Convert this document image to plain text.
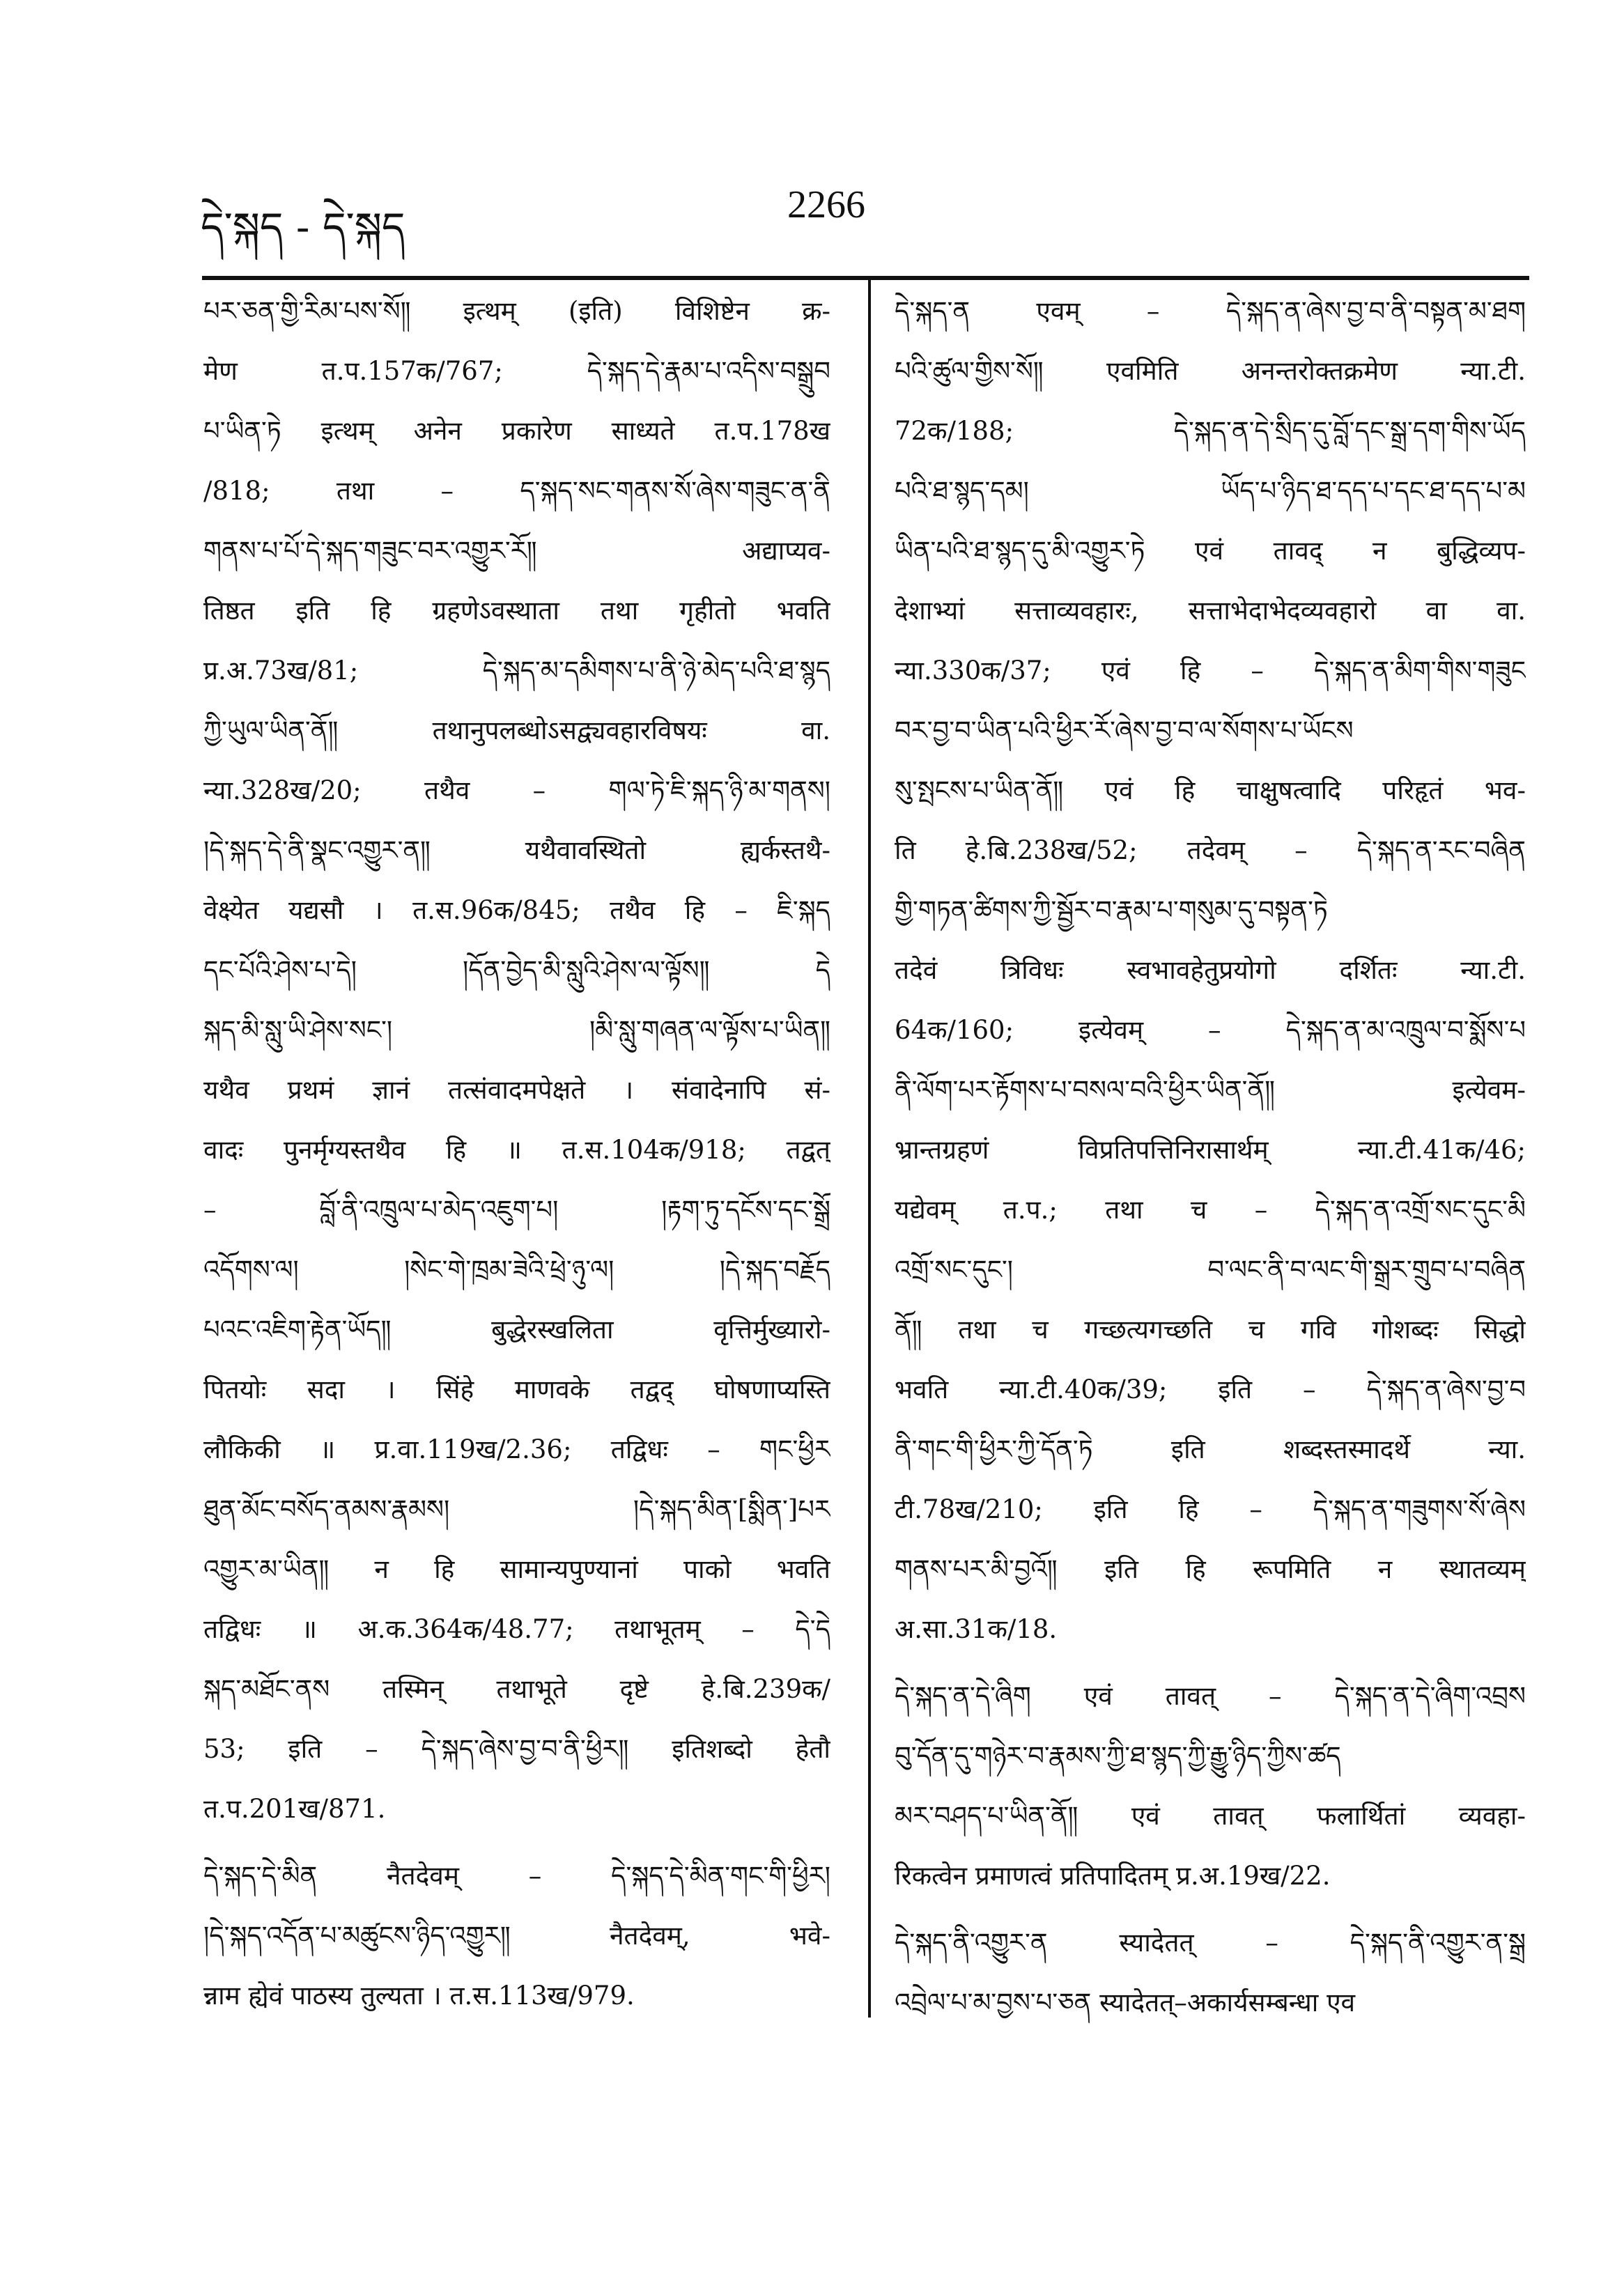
དེ་སྐད - དེ་སྐད	2266
པར་ཅན་གྱི་རིམ་པས་སོ༎ इत्थम् (इति) विशिष्टेन क्र-
मेण त.प.157क/767; དེ་སྐད་དེ་རྣམ་པ་འདིས་བསྒྲུབ
པ་ཡིན་ཏེ इत्थम् अनेन प्रकारेण साध्यते त.प.178ख
/818; तथा – ད་སྐད་སང་གནས་སོ་ཞེས་གཟུང་ན་ནི
གནས་པ་པོ་དེ་སྐད་གཟུང་བར་འགྱུར་རོ༎ अद्याप्यव-
तिष्ठत इति हि ग्रहणेऽवस्थाता तथा गृहीतो भवति
प्र.अ.73ख/81; དེ་སྐད་མ་དམིགས་པ་ནི་ཉེ་མེད་པའི་ཐ་སྙད
ཀྱི་ཡུལ་ཡིན་ནོ༎ तथानुपलब्धोऽसद्व्यवहारविषयः वा.
न्या.328ख/20; तथैव – གལ་ཏེ་ཇི་སྐད་ཉི་མ་གནས།
།དེ་སྐད་དེ་ནི་སྣང་འགྱུར་ན༎ यथैवावस्थितो ह्यर्कस्तथै-
वेक्ष्येत यद्यसौ । त.स.96क/845; तथैव हि – ཇི་སྐད
དང་པོའི་ཤེས་པ་དེ། །དོན་བྱེད་མི་སླུའི་ཤེས་ལ་ལྟོས༎ དེ
སྐད་མི་སླུ་ཡི་ཤེས་སང་། །མི་སླུ་གཞན་ལ་ལྟོས་པ་ཡིན༎
यथैव प्रथमं ज्ञानं तत्संवादमपेक्षते । संवादेनापि सं-
वादः पुनर्मृग्यस्तथैव हि ॥ त.स.104क/918; तद्वत्
– བློ་ནི་འཁྲུལ་པ་མེད་འཇུག་པ། །རྟག་ཏུ་དངོས་དང་སྒྲོ
འདོགས་ལ། །སེང་གེ་ཁྲམ་ཟེའི་ཕྲེ་ཉུ་ལ། །དེ་སྐད་བརྗོད
པའང་འཇིག་རྟེན་ཡོད༎ बुद्धेरस्खलिता वृत्तिर्मुख्यारो-
पितयोः सदा । सिंहे माणवके तद्वद् घोषणाप्यस्ति
लौकिकी ॥ प्र.वा.119ख/2.36; तद्विधः – གང་ཕྱིར
ཐུན་མོང་བསོད་ནམས་རྣམས། །དེ་སྐད་མིན་[སྨིན་]པར
འགྱུར་མ་ཡིན༎ न हि सामान्यपुण्यानां पाको भवति
तद्विधः ॥ अ.क.364क/48.77; तथाभूतम् – དེ་དེ
སྐད་མཐོང་ནས तस्मिन् तथाभूते दृष्टे हे.बि.239क/
53; इति – དེ་སྐད་ཞེས་བྱ་བ་ནི་ཕྱིར༎ इतिशब्दो हेतौ
त.प.201ख/871.
དེ་སྐད་དེ་མིན नैतदेवम् – དེ་སྐད་དེ་མིན་གང་གི་ཕྱིར།
།དེ་སྐད་འདོན་པ་མཚུངས་ཉིད་འགྱུར༎ नैतदेवम्, भवे-
न्नाम ह्येवं पाठस्य तुल्यता । त.स.113ख/979.
དེ་སྐད་ན एवम् – དེ་སྐད་ན་ཞེས་བྱ་བ་ནི་བསྟན་མ་ཐག
པའི་ཚུལ་གྱིས་སོ༎ एवमिति अनन्तरोक्तक्रमेण न्या.टी.
72क/188; དེ་སྐད་ན་དེ་སྲིད་དུ་བློ་དང་སྒྲ་དག་གིས་ཡོད
པའི་ཐ་སྙད་དམ། ཡོད་པ་ཉིད་ཐ་དད་པ་དང་ཐ་དད་པ་མ
ཡིན་པའི་ཐ་སྙད་དུ་མི་འགྱུར་ཏེ एवं तावद् न बुद्धिव्यप-
देशाभ्यां सत्ताव्यवहारः, सत्ताभेदाभेदव्यवहारो वा वा.
न्या.330क/37; एवं हि – དེ་སྐད་ན་མིག་གིས་གཟུང
བར་བྱ་བ་ཡིན་པའི་ཕྱིར་རོ་ཞེས་བྱ་བ་ལ་སོགས་པ་ཡོངས
སུ་སྤངས་པ་ཡིན་ནོ༎ एवं हि चाक्षुषत्वादि परिहृतं भव-
ति हे.बि.238ख/52; तदेवम् – དེ་སྐད་ན་རང་བཞིན
གྱི་གཏན་ཚིགས་ཀྱི་སྦྱོར་བ་རྣམ་པ་གསུམ་དུ་བསྟན་ཏེ
तदेवं त्रिविधः स्वभावहेतुप्रयोगो दर्शितः न्या.टी.
64क/160; इत्येवम् – དེ་སྐད་ན་མ་འཁྲུལ་བ་སྨོས་པ
ནི་ལོག་པར་རྟོགས་པ་བསལ་བའི་ཕྱིར་ཡིན་ནོ༎ इत्येवम-
भ्रान्तग्रहणं विप्रतिपत्तिनिरासार्थम् न्या.टी.41क/46;
यद्येवम् त.प.; तथा च – དེ་སྐད་ན་འགྲོ་སང་དུང་མི
འགྲོ་སང་དུང་། བ་ལང་ནི་བ་ལང་གི་སྒྲར་གྲུབ་པ་བཞིན
ནོ༎ तथा च गच्छत्यगच्छति च गवि गोशब्दः सिद्धो
भवति न्या.टी.40क/39; इति – དེ་སྐད་ན་ཞེས་བྱ་བ
ནི་གང་གི་ཕྱིར་ཀྱི་དོན་ཏེ इति शब्दस्तस्मादर्थे न्या.
टी.78ख/210; इति हि – དེ་སྐད་ན་གཟུགས་སོ་ཞེས
གནས་པར་མི་བྱའོ༎ इति हि रूपमिति न स्थातव्यम्
अ.सा.31क/18.
དེ་སྐད་ན་དེ་ཞིག एवं तावत् – དེ་སྐད་ན་དེ་ཞིག་འབྲས
བུ་དོན་དུ་གཉེར་བ་རྣམས་ཀྱི་ཐ་སྙད་ཀྱི་རྒྱུ་ཉིད་ཀྱིས་ཚད
མར་བཤད་པ་ཡིན་ནོ༎ एवं तावत् फलार्थितां व्यवहा-
रिकत्वेन प्रमाणत्वं प्रतिपादितम् प्र.अ.19ख/22.
དེ་སྐད་ནི་འགྱུར་ན स्यादेतत् – དེ་སྐད་ནི་འགྱུར་ན་སྒྲ
འབྲེལ་པ་མ་བྱས་པ་ཅན स्यादेतत्–अकार्यसम्बन्धा एव
